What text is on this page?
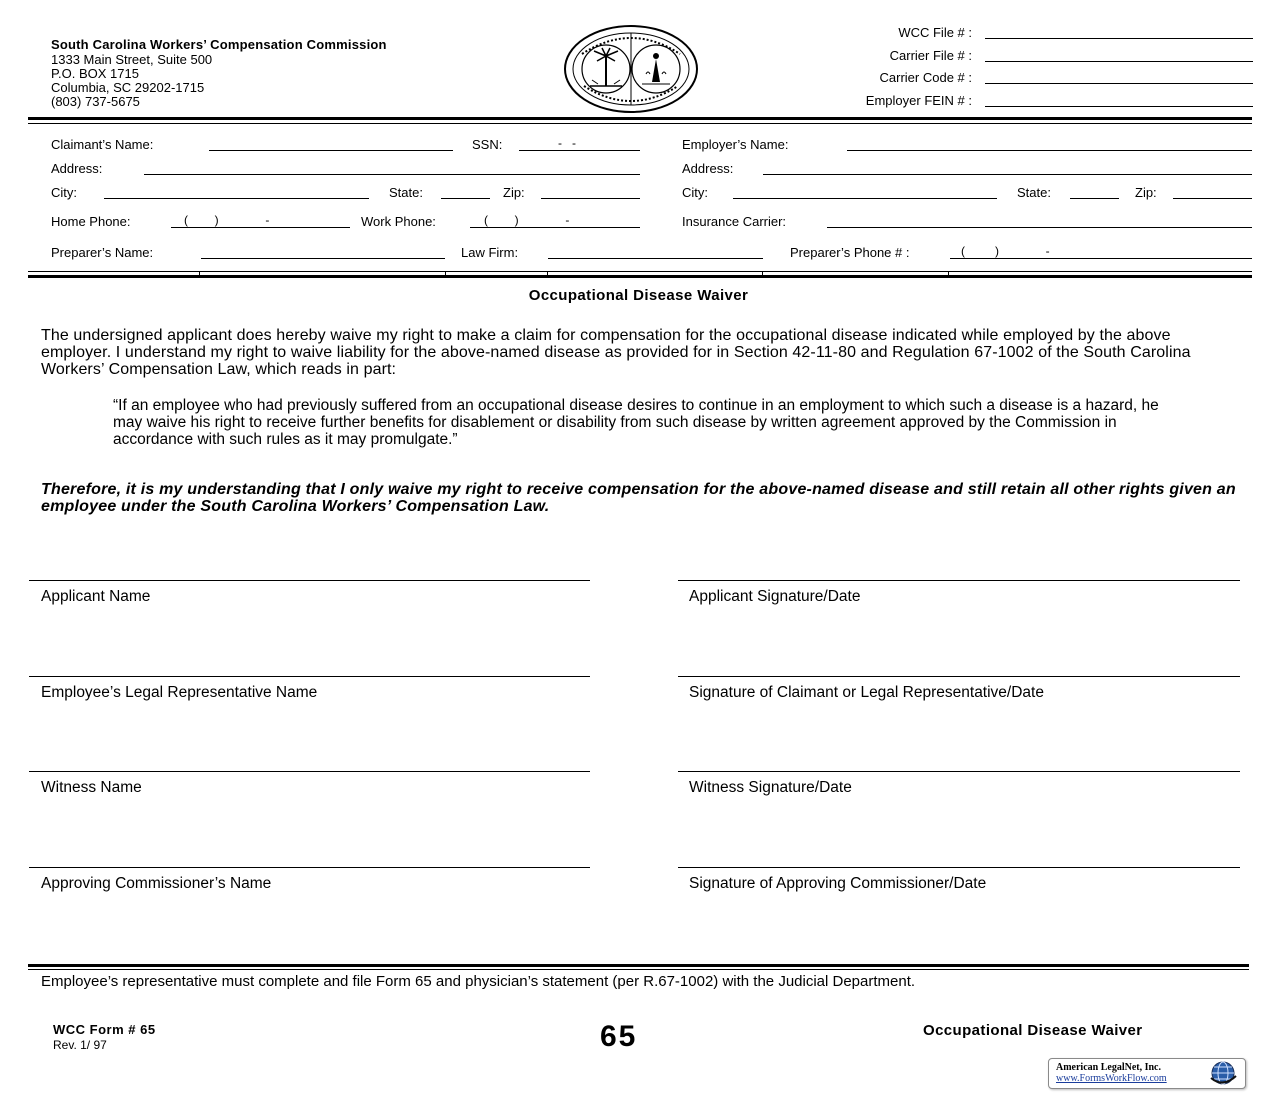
South Carolina Workers’ Compensation Commission
1333 Main Street, Suite 500
P.O. BOX 1715
Columbia, SC 29202-1715
(803) 737-5675
WCC File # :
Carrier File # :
Carrier Code # :
Employer FEIN # :
Claimant’s Name:	SSN:	-   -	Employer’s Name:
Address:	Address:
City:	State:	Zip:	City:	State:	Zip:
Home Phone:	(        )              -	Work Phone:	(        )              -	Insurance Carrier:
Preparer’s Name:	Law Firm:	Preparer’s Phone # :	(         )              -
Occupational Disease Waiver
The undersigned applicant does hereby waive my right to make a claim for compensation for the occupational disease indicated while employed by the above employer. I understand my right to waive liability for the above-named disease as provided for in Section 42-11-80 and Regulation 67-1002 of the South Carolina Workers’ Compensation Law, which reads in part:
“If an employee who had previously suffered from an occupational disease desires to continue in an employment to which such a disease is a hazard, he may waive his right to receive further benefits for disablement or disability from such disease by written agreement approved by the Commission in accordance with such rules as it may promulgate.”
Therefore, it is my understanding that I only waive my right to receive compensation for the above-named disease and still retain all other rights given an employee under the South Carolina Workers’ Compensation Law.
Applicant Name	Applicant Signature/Date
Employee’s Legal Representative Name	Signature of Claimant or Legal Representative/Date
Witness Name	Witness Signature/Date
Approving Commissioner’s Name	Signature of Approving Commissioner/Date
Employee’s representative must complete and file Form 65 and physician’s statement (per R.67-1002) with the Judicial Department.
WCC Form # 65
Rev. 1/ 97	65	Occupational Disease Waiver
American LegalNet, Inc.
www.FormsWorkFlow.com
